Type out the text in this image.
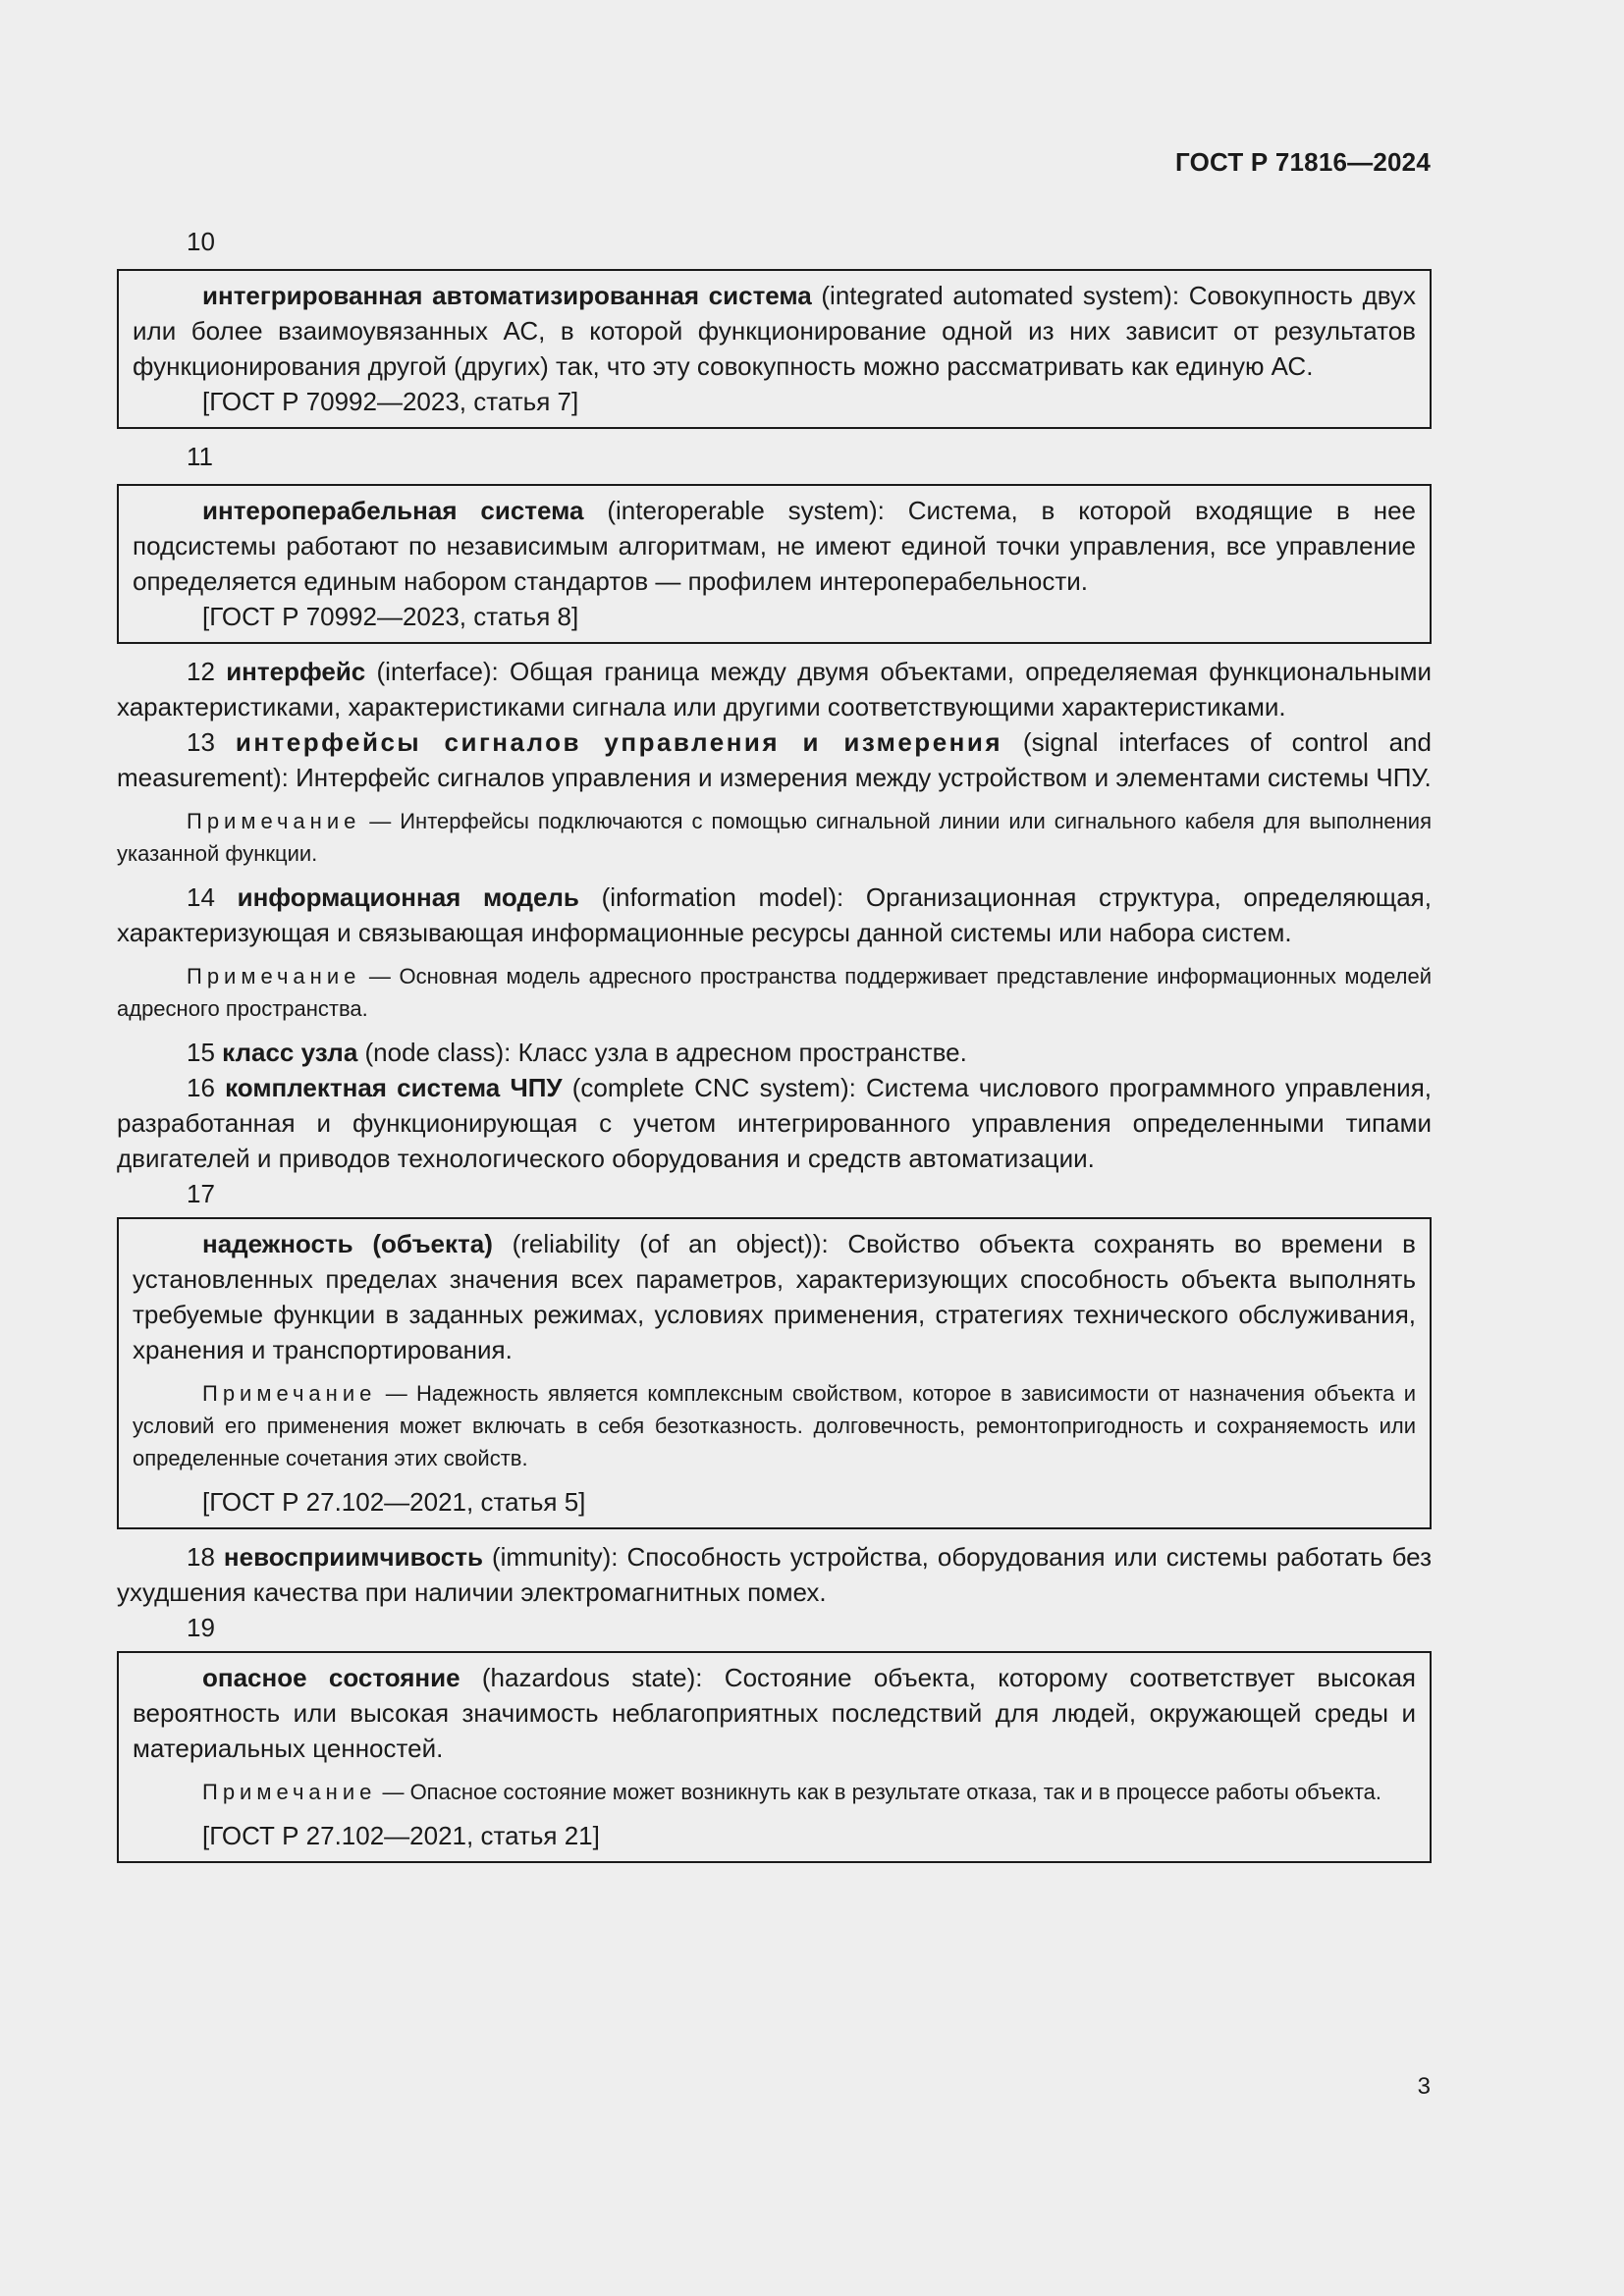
ГОСТ Р 71816—2024
10

интегрированная автоматизированная система (integrated automated system): Совокупность двух или более взаимоувязанных АС, в которой функционирование одной из них зависит от результатов функционирования другой (других) так, что эту совокупность можно рассматривать как единую АС.

[ГОСТ Р 70992—2023, статья 7]

11

интероперабельная система (interoperable system): Система, в которой входящие в нее подсистемы работают по независимым алгоритмам, не имеют единой точки управления, все управление определяется единым набором стандартов — профилем интероперабельности.

[ГОСТ Р 70992—2023, статья 8]

12 интерфейс (interface): Общая граница между двумя объектами, определяемая функциональными характеристиками, характеристиками сигнала или другими соответствующими характеристиками.

13 интерфейсы сигналов управления и измерения (signal interfaces of control and measurement): Интерфейс сигналов управления и измерения между устройством и элементами системы ЧПУ.

Примечание — Интерфейсы подключаются с помощью сигнальной линии или сигнального кабеля для выполнения указанной функции.

14 информационная модель (information model): Организационная структура, определяющая, характеризующая и связывающая информационные ресурсы данной системы или набора систем.

Примечание — Основная модель адресного пространства поддерживает представление информационных моделей адресного пространства.

15 класс узла (node class): Класс узла в адресном пространстве.

16 комплектная система ЧПУ (complete CNC system): Система числового программного управления, разработанная и функционирующая с учетом интегрированного управления определенными типами двигателей и приводов технологического оборудования и средств автоматизации.

17

надежность (объекта) (reliability (of an object)): Свойство объекта сохранять во времени в установленных пределах значения всех параметров, характеризующих способность объекта выполнять требуемые функции в заданных режимах, условиях применения, стратегиях технического обслуживания, хранения и транспортирования.

Примечание — Надежность является комплексным свойством, которое в зависимости от назначения объекта и условий его применения может включать в себя безотказность. долговечность, ремонтопригодность и сохраняемость или определенные сочетания этих свойств.

[ГОСТ Р 27.102—2021, статья 5]

18 невосприимчивость (immunity): Способность устройства, оборудования или системы работать без ухудшения качества при наличии электромагнитных помех.

19

опасное состояние (hazardous state): Состояние объекта, которому соответствует высокая вероятность или высокая значимость неблагоприятных последствий для людей, окружающей среды и материальных ценностей.

Примечание — Опасное состояние может возникнуть как в результате отказа, так и в процессе работы объекта.

[ГОСТ Р 27.102—2021, статья 21]

3
